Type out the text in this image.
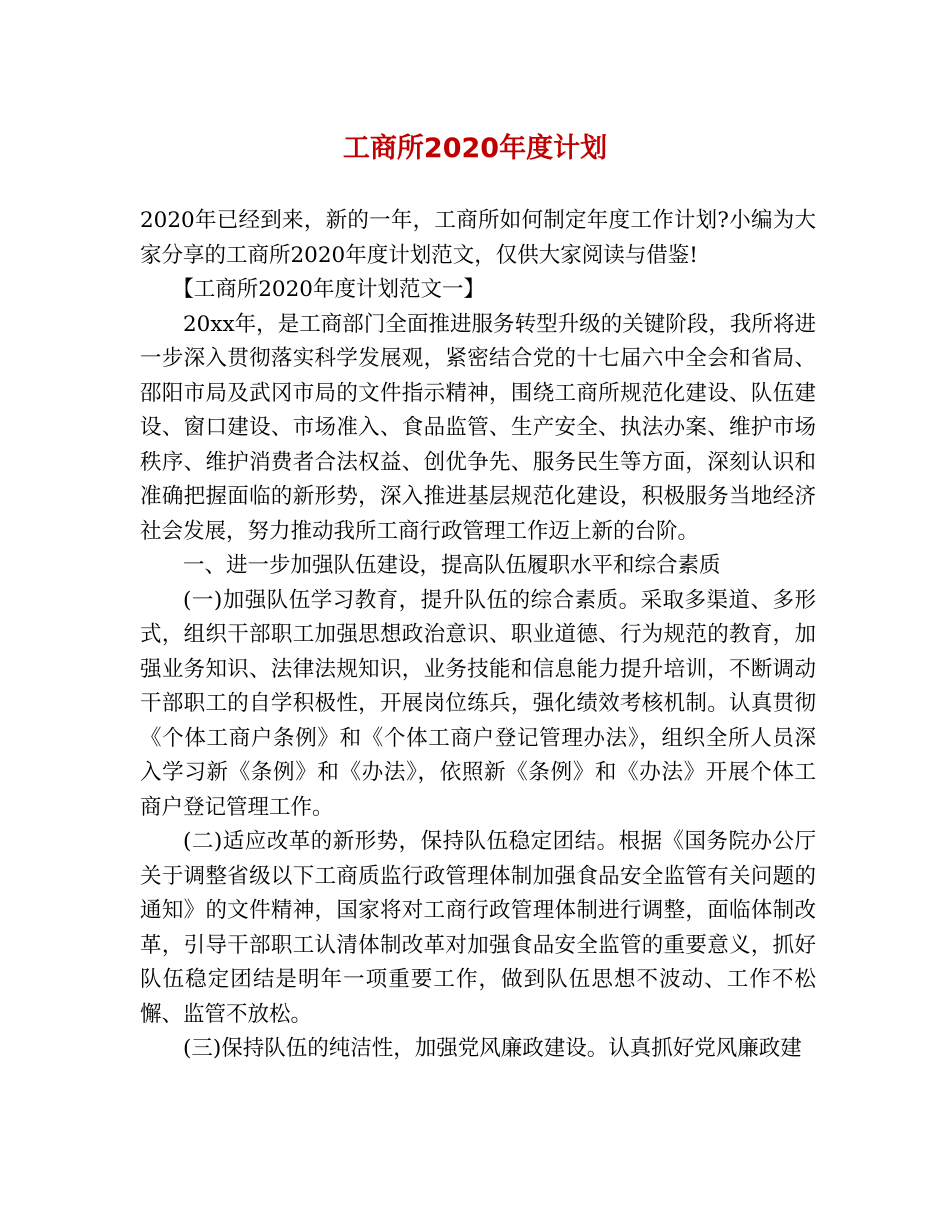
工商所2020年度计划

2020年已经到来，新的一年，工商所如何制定年度工作计划?小编为大家分享的工商所2020年度计划范文，仅供大家阅读与借鉴!

【工商所2020年度计划范文一】

20xx年，是工商部门全面推进服务转型升级的关键阶段，我所将进一步深入贯彻落实科学发展观，紧密结合党的十七届六中全会和省局、邵阳市局及武冈市局的文件指示精神，围绕工商所规范化建设、队伍建设、窗口建设、市场准入、食品监管、生产安全、执法办案、维护市场秩序、维护消费者合法权益、创优争先、服务民生等方面，深刻认识和准确把握面临的新形势，深入推进基层规范化建设，积极服务当地经济社会发展，努力推动我所工商行政管理工作迈上新的台阶。

一、进一步加强队伍建设，提高队伍履职水平和综合素质

(一)加强队伍学习教育，提升队伍的综合素质。采取多渠道、多形式，组织干部职工加强思想政治意识、职业道德、行为规范的教育，加强业务知识、法律法规知识，业务技能和信息能力提升培训，不断调动干部职工的自学积极性，开展岗位练兵，强化绩效考核机制。认真贯彻《个体工商户条例》和《个体工商户登记管理办法》，组织全所人员深入学习新《条例》和《办法》，依照新《条例》和《办法》开展个体工商户登记管理工作。

(二)适应改革的新形势，保持队伍稳定团结。根据《国务院办公厅关于调整省级以下工商质监行政管理体制加强食品安全监管有关问题的通知》的文件精神，国家将对工商行政管理体制进行调整，面临体制改革，引导干部职工认清体制改革对加强食品安全监管的重要意义，抓好队伍稳定团结是明年一项重要工作，做到队伍思想不波动、工作不松懈、监管不放松。

(三)保持队伍的纯洁性，加强党风廉政建设。认真抓好党风廉政建
